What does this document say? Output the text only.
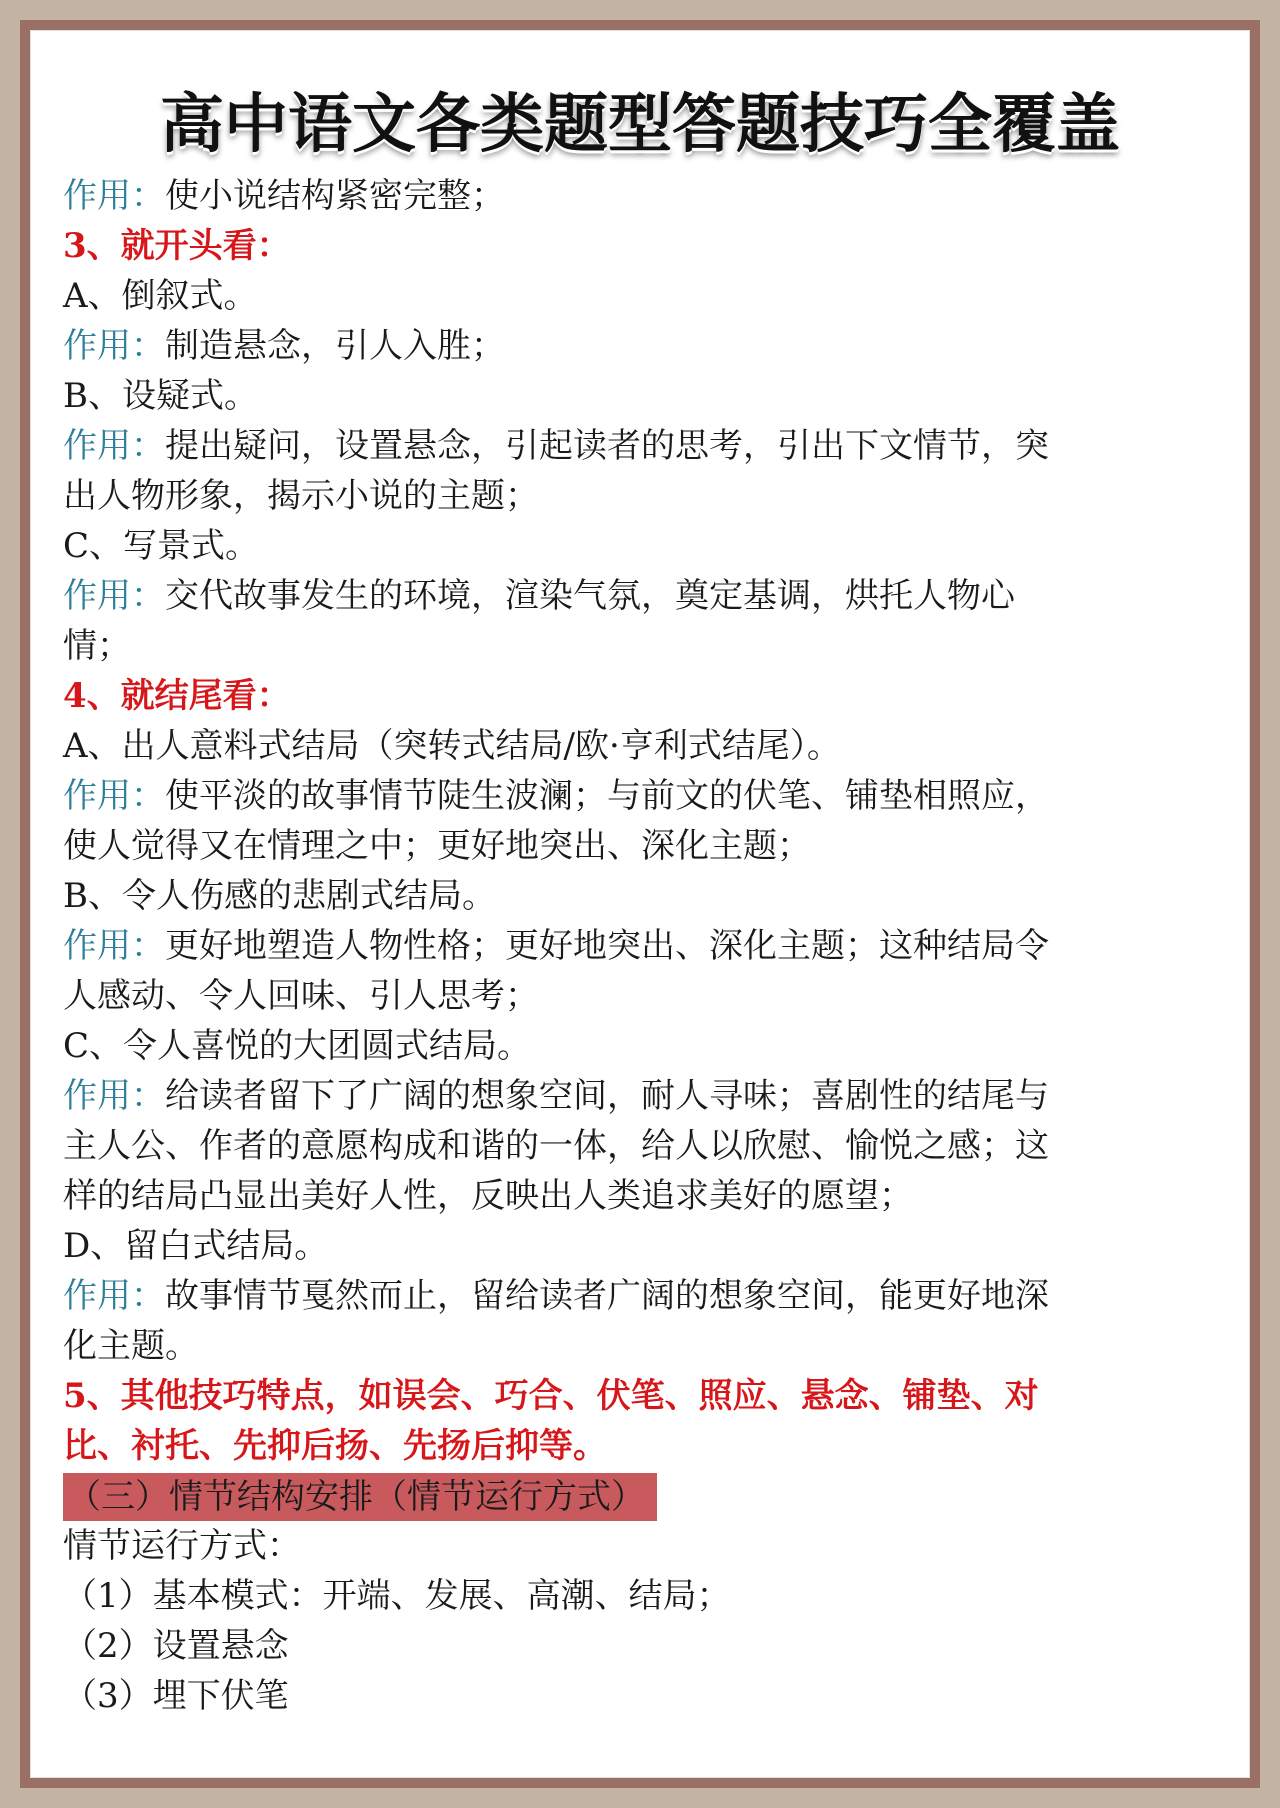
高中语文各类题型答题技巧全覆盖
作用：使小说结构紧密完整；
3、就开头看：
A、倒叙式。
作用：制造悬念，引人入胜；
B、设疑式。
作用：提出疑问，设置悬念，引起读者的思考，引出下文情节，突
出人物形象，揭示小说的主题；
C、写景式。
作用：交代故事发生的环境，渲染气氛，奠定基调，烘托人物心
情；
4、就结尾看：
A、出人意料式结局（突转式结局/欧·亨利式结尾）。
作用：使平淡的故事情节陡生波澜；与前文的伏笔、铺垫相照应，
使人觉得又在情理之中；更好地突出、深化主题；
B、令人伤感的悲剧式结局。
作用：更好地塑造人物性格；更好地突出、深化主题；这种结局令
人感动、令人回味、引人思考；
C、令人喜悦的大团圆式结局。
作用：给读者留下了广阔的想象空间，耐人寻味；喜剧性的结尾与
主人公、作者的意愿构成和谐的一体，给人以欣慰、愉悦之感；这
样的结局凸显出美好人性，反映出人类追求美好的愿望；
D、留白式结局。
作用：故事情节戛然而止，留给读者广阔的想象空间，能更好地深
化主题。
5、其他技巧特点，如误会、巧合、伏笔、照应、悬念、铺垫、对
比、衬托、先抑后扬、先扬后抑等。
（三）情节结构安排（情节运行方式）
情节运行方式：
（1）基本模式：开端、发展、高潮、结局；
（2）设置悬念
（3）埋下伏笔
